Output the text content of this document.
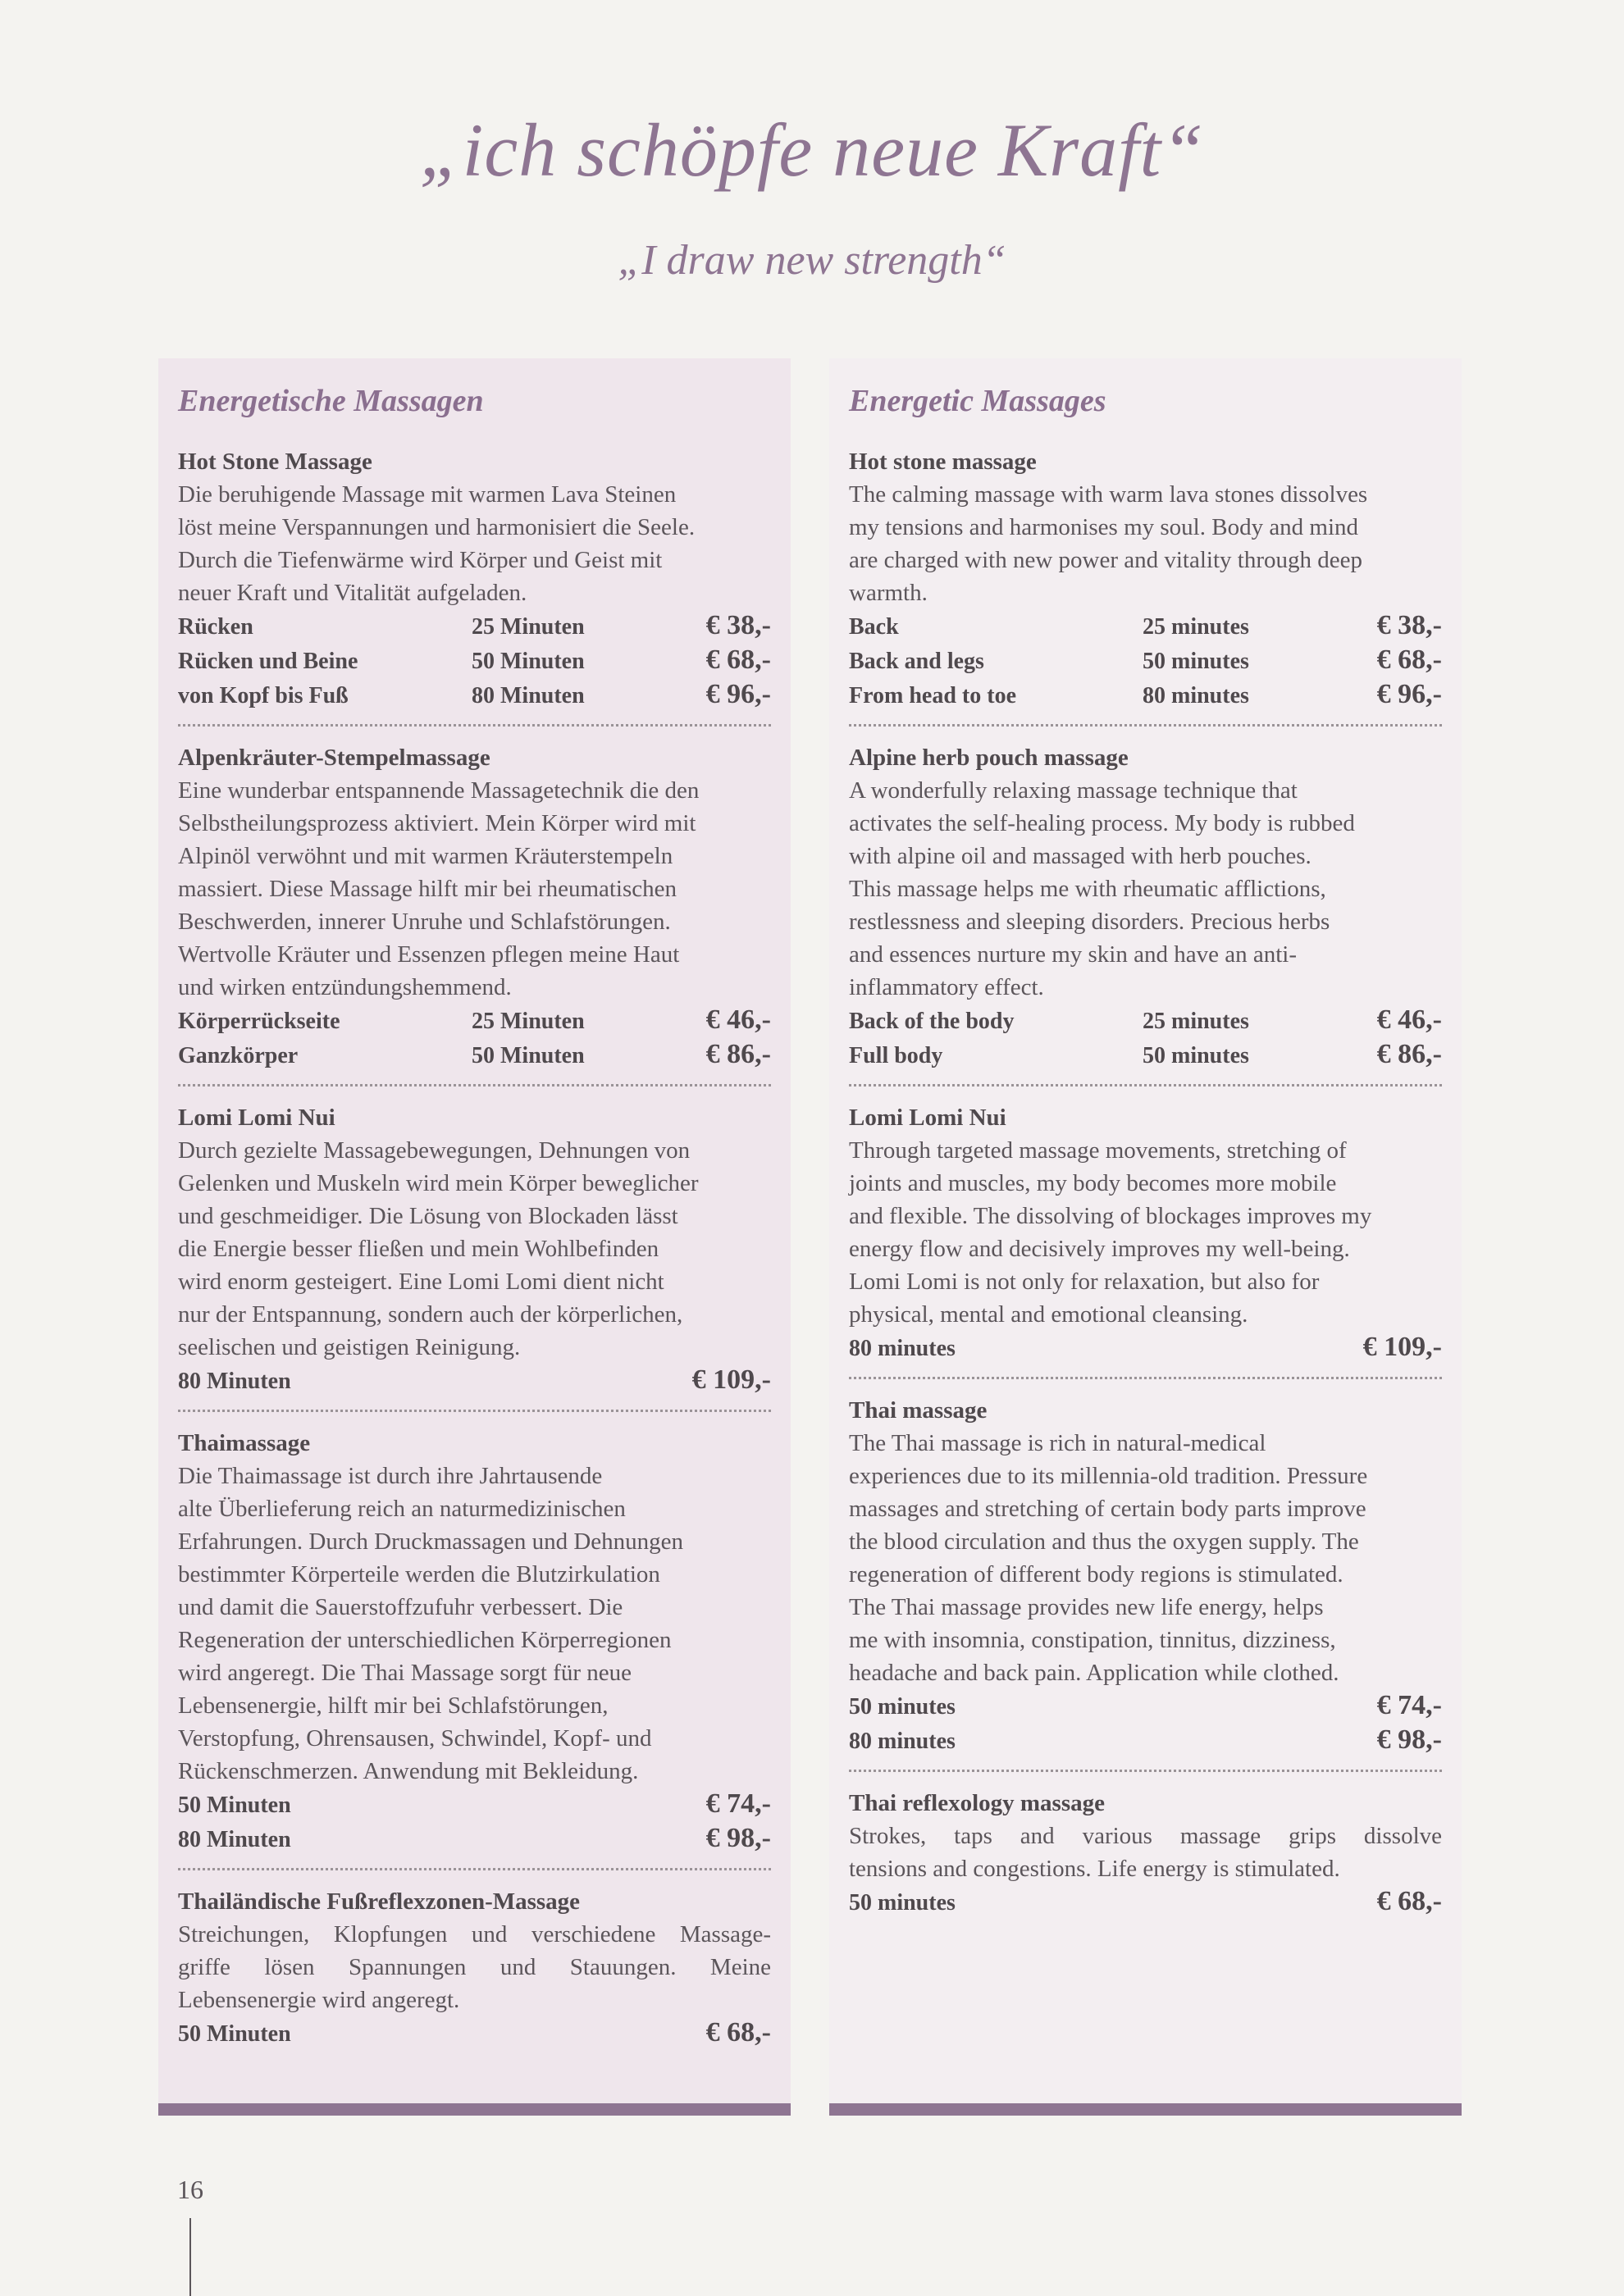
„ich schöpfe neue Kraft“
„I draw new strength“
Energetische Massagen
Hot Stone Massage
Die beruhigende Massage mit warmen Lava Steinen
löst meine Verspannungen und harmonisiert die Seele.
Durch die Tiefenwärme wird Körper und Geist mit
neuer Kraft und Vitalität aufgeladen.
Rücken	25 Minuten	€ 38,-
Rücken und Beine	50 Minuten	€ 68,-
von Kopf bis Fuß	80 Minuten	€ 96,-
Alpenkräuter-Stempelmassage
Eine wunderbar entspannende Massagetechnik die den
Selbstheilungsprozess aktiviert. Mein Körper wird mit
Alpinöl verwöhnt und mit warmen Kräuterstempeln
massiert. Diese Massage hilft mir bei rheumatischen
Beschwerden, innerer Unruhe und Schlafstörungen.
Wertvolle Kräuter und Essenzen pflegen meine Haut
und wirken entzündungshemmend.
Körperrückseite	25 Minuten	€ 46,-
Ganzkörper	50 Minuten	€ 86,-
Lomi Lomi Nui
Durch gezielte Massagebewegungen, Dehnungen von
Gelenken und Muskeln wird mein Körper beweglicher
und geschmeidiger. Die Lösung von Blockaden lässt
die Energie besser fließen und mein Wohlbefinden
wird enorm gesteigert. Eine Lomi Lomi dient nicht
nur der Entspannung, sondern auch der körperlichen,
seelischen und geistigen Reinigung.
80 Minuten	€ 109,-
Thaimassage
Die Thaimassage ist durch ihre Jahrtausende
alte Überlieferung reich an naturmedizinischen
Erfahrungen. Durch Druckmassagen und Dehnungen
bestimmter Körperteile werden die Blutzirkulation
und damit die Sauerstoffzufuhr verbessert. Die
Regeneration der unterschiedlichen Körperregionen
wird angeregt. Die Thai Massage sorgt für neue
Lebensenergie, hilft mir bei Schlafstörungen,
Verstopfung, Ohrensausen, Schwindel, Kopf- und
Rückenschmerzen. Anwendung mit Bekleidung.
50 Minuten	€ 74,-
80 Minuten	€ 98,-
Thailändische Fußreflexzonen-Massage
Streichungen, Klopfungen und verschiedene Massage-
griffe lösen Spannungen und Stauungen. Meine
Lebensenergie wird angeregt.
50 Minuten	€ 68,-
Energetic Massages
Hot stone massage
The calming massage with warm lava stones dissolves
my tensions and harmonises my soul. Body and mind
are charged with new power and vitality through deep
warmth.
Back	25 minutes	€ 38,-
Back and legs	50 minutes	€ 68,-
From head to toe	80 minutes	€ 96,-
Alpine herb pouch massage
A wonderfully relaxing massage technique that
activates the self-healing process. My body is rubbed
with alpine oil and massaged with herb pouches.
This massage helps me with rheumatic afflictions,
restlessness and sleeping disorders. Precious herbs
and essences nurture my skin and have an anti-
inflammatory effect.
Back of the body	25 minutes	€ 46,-
Full body	50 minutes	€ 86,-
Lomi Lomi Nui
Through targeted massage movements, stretching of
joints and muscles, my body becomes more mobile
and flexible. The dissolving of blockages improves my
energy flow and decisively improves my well-being.
Lomi Lomi is not only for relaxation, but also for
physical, mental and emotional cleansing.
80 minutes	€ 109,-
Thai massage
The Thai massage is rich in natural-medical
experiences due to its millennia-old tradition. Pressure
massages and stretching of certain body parts improve
the blood circulation and thus the oxygen supply. The
regeneration of different body regions is stimulated.
The Thai massage provides new life energy, helps
me with insomnia, constipation, tinnitus, dizziness,
headache and back pain. Application while clothed.
50 minutes	€ 74,-
80 minutes	€ 98,-
Thai reflexology massage
Strokes, taps and various massage grips dissolve
tensions and congestions. Life energy is stimulated.
50 minutes	€ 68,-
16
